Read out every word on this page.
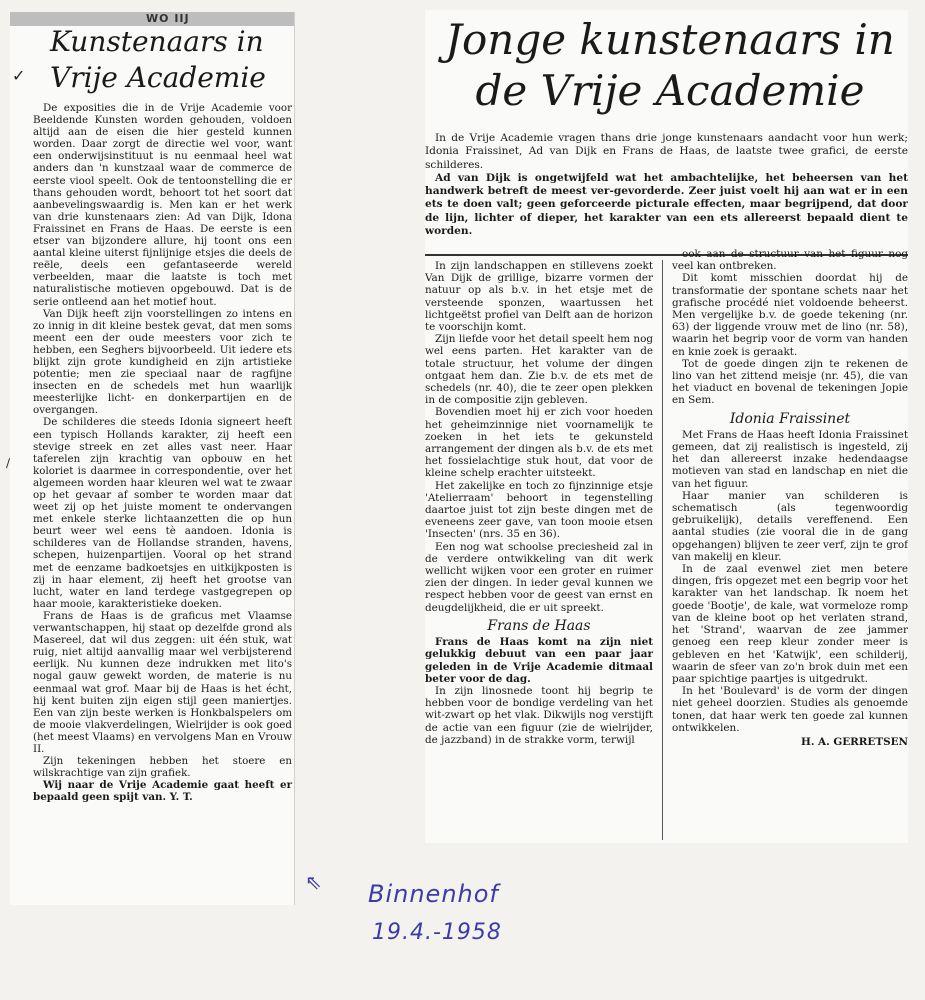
WO IIJ

Kunstenaars in

Vrije Academie

De exposities die in de Vrije Academie voor Beeldende Kunsten worden gehouden, voldoen altijd aan de eisen die hier gesteld kunnen worden. Daar zorgt de directie wel voor, want een onderwijsinstituut is nu eenmaal heel wat anders dan 'n kunstzaal waar de commerce de eerste viool speelt. Ook de tentoonstelling die er thans gehouden wordt, behoort tot het soort dat aanbevelingswaardig is. Men kan er het werk van drie kunstenaars zien: Ad van Dijk, Idona Fraissinet en Frans de Haas. De eerste is een etser van bijzondere allure, hij toont ons een aantal kleine uiterst fijnlijnige etsjes die deels de reële, deels een gefantaseerde wereld verbeelden, maar die laatste is toch met naturalistische motieven opgebouwd. Dat is de serie ontleend aan het motief hout.

Van Dijk heeft zijn voorstellingen zo intens en zo innig in dit kleine bestek gevat, dat men soms meent een der oude meesters voor zich te hebben, een Seghers bijvoorbeeld. Uit iedere ets blijkt zijn grote kundigheid en zijn artistieke potentie; men zie speciaal naar de ragfijne insecten en de schedels met hun waarlijk meesterlijke licht- en donkerpartijen en de overgangen.

De schilderes die steeds Idonia signeert heeft een typisch Hollands karakter, zij heeft een stevige streek en zet alles vast neer. Haar taferelen zijn krachtig van opbouw en het koloriet is daarmee in correspondentie, over het algemeen worden haar kleuren wel wat te zwaar op het gevaar af somber te worden maar dat weet zij op het juiste moment te ondervangen met enkele sterke lichtaanzetten die op hun beurt weer wel eens tè aandoen. Idonia is schilderes van de Hollandse stranden, havens, schepen, huizenpartijen. Vooral op het strand met de eenzame badkoetsjes en uitkijkposten is zij in haar element, zij heeft het grootse van lucht, water en land terdege vastgegrepen op haar mooie, karakteristieke doeken.

Frans de Haas is de graficus met Vlaamse verwantschappen, hij staat op dezelfde grond als Masereel, dat wil dus zeggen: uit één stuk, wat ruig, niet altijd aanvallig maar wel verbijsterend eerlijk. Nu kunnen deze indrukken met lito's nogal gauw gewekt worden, de materie is nu eenmaal wat grof. Maar bij de Haas is het écht, hij kent buiten zijn eigen stijl geen maniertjes. Een van zijn beste werken is Honkbalspelers om de mooie vlakverdelingen, Wielrijder is ook goed (het meest Vlaams) en vervolgens Man en Vrouw II.

Zijn tekeningen hebben het stoere en wilskrachtige van zijn grafiek.

Wij naar de Vrije Academie gaat heeft er bepaald geen spijt van. Y. T.

Jonge kunstenaars in

de Vrije Academie

In de Vrije Academie vragen thans drie jonge kunstenaars aandacht voor hun werk; Idonia Fraissinet, Ad van Dijk en Frans de Haas, de laatste twee grafici, de eerste schilderes.

Ad van Dijk is ongetwijfeld wat het ambachtelijke, het beheersen van het handwerk betreft de meest ver-gevorderde. Zeer juist voelt hij aan wat er in een ets te doen valt; geen geforceerde picturale effecten, maar begrijpend, dat door de lijn, lichter of dieper, het karakter van een ets allereerst bepaald dient te worden.

In zijn landschappen en stillevens zoekt Van Dijk de grillige, bizarre vormen der natuur op als b.v. in het etsje met de versteende sponzen, waartussen het lichtgeëtst profiel van Delft aan de horizon te voorschijn komt.

Zijn liefde voor het detail speelt hem nog wel eens parten. Het karakter van de totale structuur, het volume der dingen ontgaat hem dan. Zie b.v. de ets met de schedels (nr. 40), die te zeer open plekken in de compositie zijn gebleven.

Bovendien moet hij er zich voor hoeden het geheimzinnige niet voornamelijk te zoeken in het iets te gekunsteld arrangement der dingen als b.v. de ets met het fossielachtige stuk hout, dat voor de kleine schelp erachter uitsteekt.

Het zakelijke en toch zo fijnzinnige etsje 'Atelierraam' behoort in tegenstelling daartoe juist tot zijn beste dingen met de eveneens zeer gave, van toon mooie etsen 'Insecten' (nrs. 35 en 36).

Een nog wat schoolse preciesheid zal in de verdere ontwikkeling van dit werk wellicht wijken voor een groter en ruimer zien der dingen. In ieder geval kunnen we respect hebben voor de geest van ernst en deugdelijkheid, die er uit spreekt.

Frans de Haas

Frans de Haas komt na zijn niet gelukkig debuut van een paar jaar geleden in de Vrije Academie ditmaal beter voor de dag.

In zijn linosnede toont hij begrip te hebben voor de bondige verdeling van het wit-zwart op het vlak. Dikwijls nog verstijft de actie van een figuur (zie de wielrijder, de jazzband) in de strakke vorm, terwijl

ook aan de structuur van het figuur nog veel kan ontbreken.

Dit komt misschien doordat hij de transformatie der spontane schets naar het grafische procédé niet voldoende beheerst. Men vergelijke b.v. de goede tekening (nr. 63) der liggende vrouw met de lino (nr. 58), waarin het begrip voor de vorm van handen en knie zoek is geraakt.

Tot de goede dingen zijn te rekenen de lino van het zittend meisje (nr. 45), die van het viaduct en bovenal de tekeningen Jopie en Sem.

Idonia Fraissinet

Met Frans de Haas heeft Idonia Fraissinet gemeen, dat zij realistisch is ingesteld, zij het dan allereerst inzake hedendaagse motieven van stad en landschap en niet die van het figuur.

Haar manier van schilderen is schematisch (als tegenwoordig gebruikelijk), details vereffenend. Een aantal studies (zie vooral die in de gang opgehangen) blijven te zeer verf, zijn te grof van makelij en kleur.

In de zaal evenwel ziet men betere dingen, fris opgezet met een begrip voor het karakter van het landschap. Ik noem het goede 'Bootje', de kale, wat vormeloze romp van de kleine boot op het verlaten strand, het 'Strand', waarvan de zee jammer genoeg een reep kleur zonder meer is gebleven en het 'Katwijk', een schilderij, waarin de sfeer van zo'n brok duin met een paar spichtige paartjes is uitgedrukt.

In het 'Boulevard' is de vorm der dingen niet geheel doorzien. Studies als genoemde tonen, dat haar werk ten goede zal kunnen ontwikkelen.

H. A. GERRETSEN
✓
∕
⇖ Binnenhof
19.4.-1958
